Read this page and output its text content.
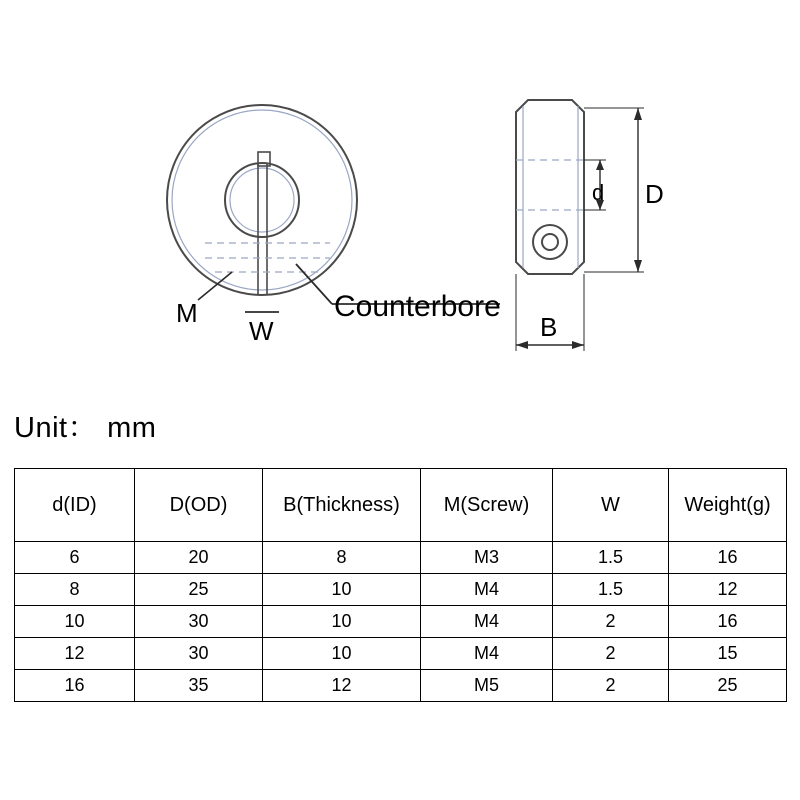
M
W
Counterbore
d D
B
Unit： mm
d(ID)	D(OD)	B(Thickness)	M(Screw)	W	Weight(g)
6	20	8	M3	1.5	16
8	25	10	M4	1.5	12
10	30	10	M4	2	16
12	30	10	M4	2	15
16	35	12	M5	2	25
